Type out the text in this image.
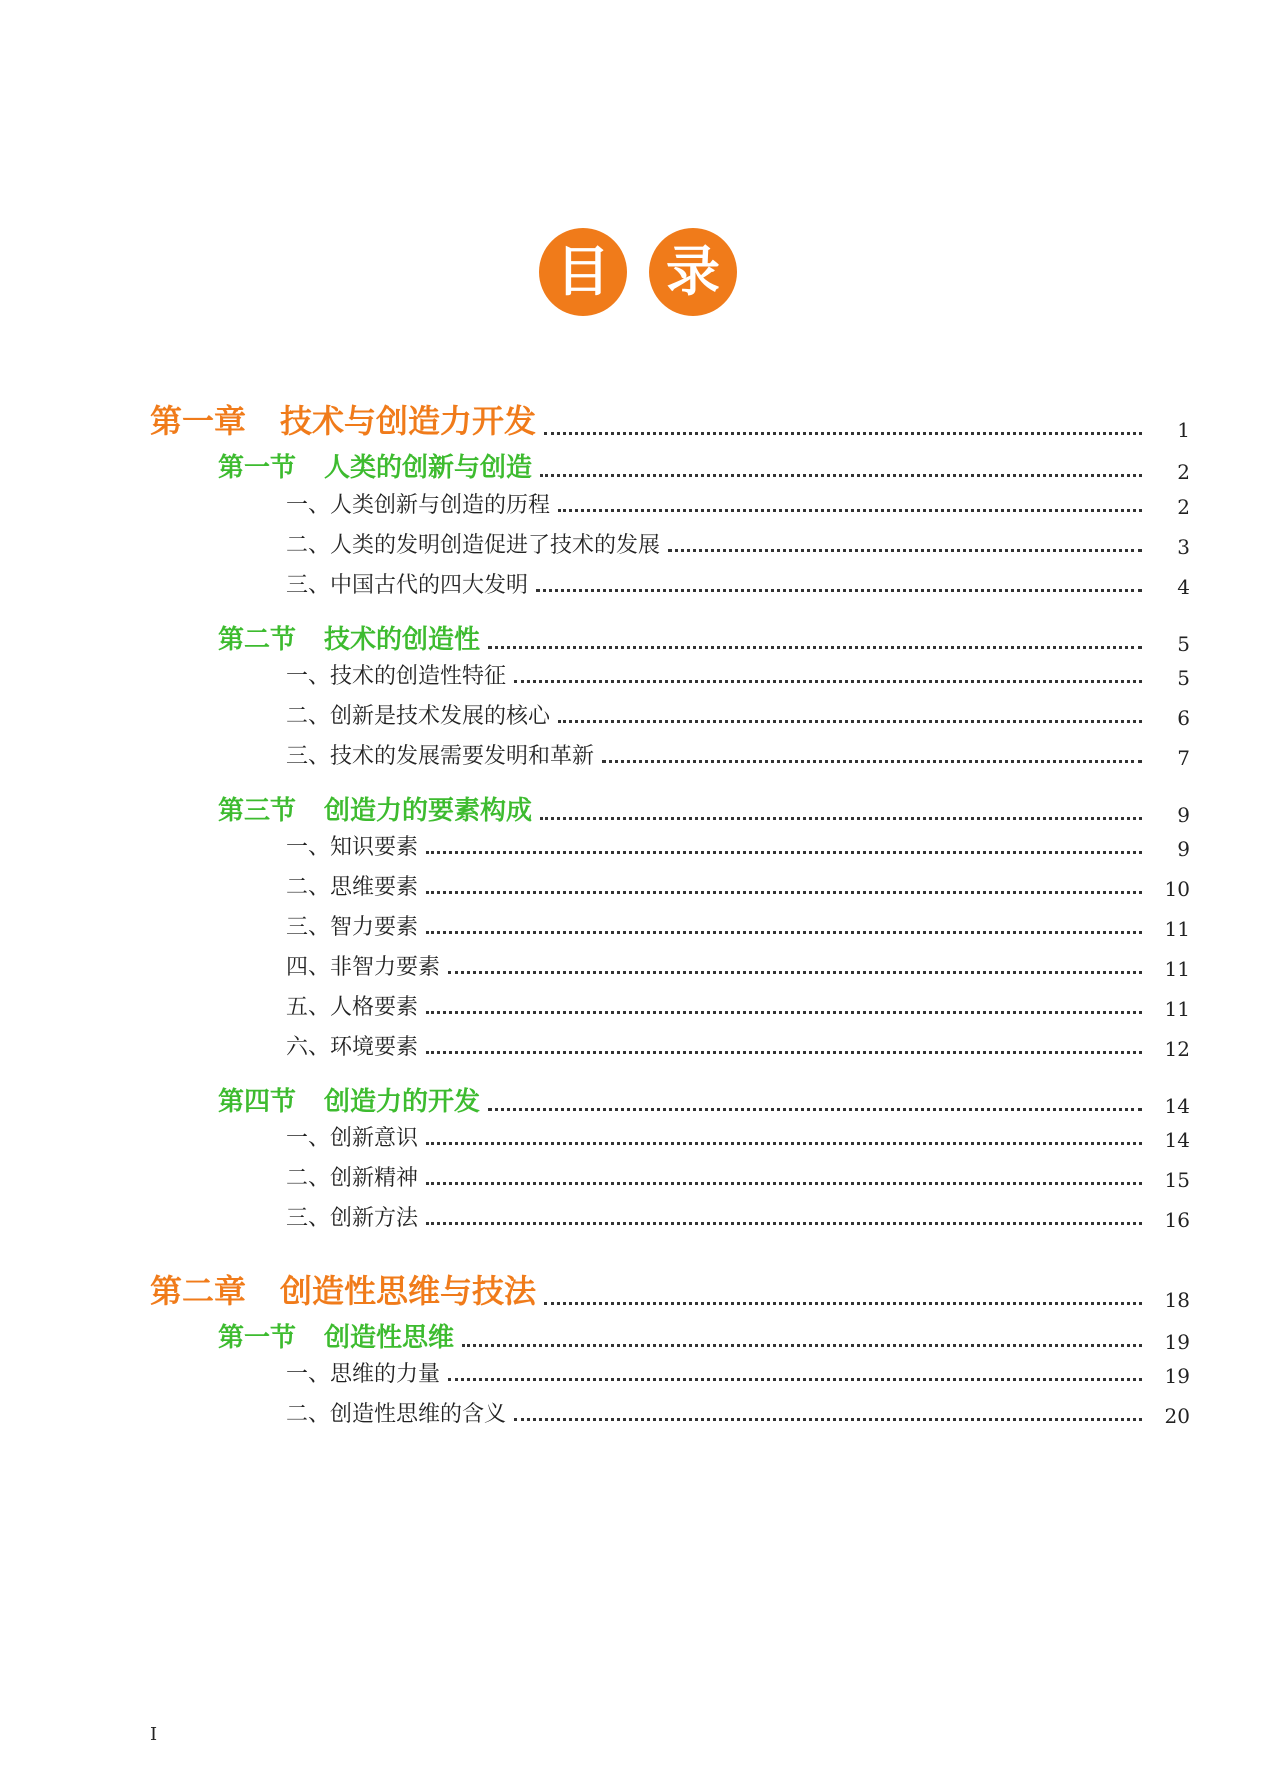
目	录
第一章 技术与创造力开发	1
第一节 人类的创新与创造	2
一、人类创新与创造的历程	2
二、人类的发明创造促进了技术的发展	3
三、中国古代的四大发明	4
第二节 技术的创造性	5
一、技术的创造性特征	5
二、创新是技术发展的核心	6
三、技术的发展需要发明和革新	7
第三节 创造力的要素构成	9
一、知识要素	9
二、思维要素	10
三、智力要素	11
四、非智力要素	11
五、人格要素	11
六、环境要素	12
第四节 创造力的开发	14
一、创新意识	14
二、创新精神	15
三、创新方法	16
第二章 创造性思维与技法	18
第一节 创造性思维	19
一、思维的力量	19
二、创造性思维的含义	20
I
